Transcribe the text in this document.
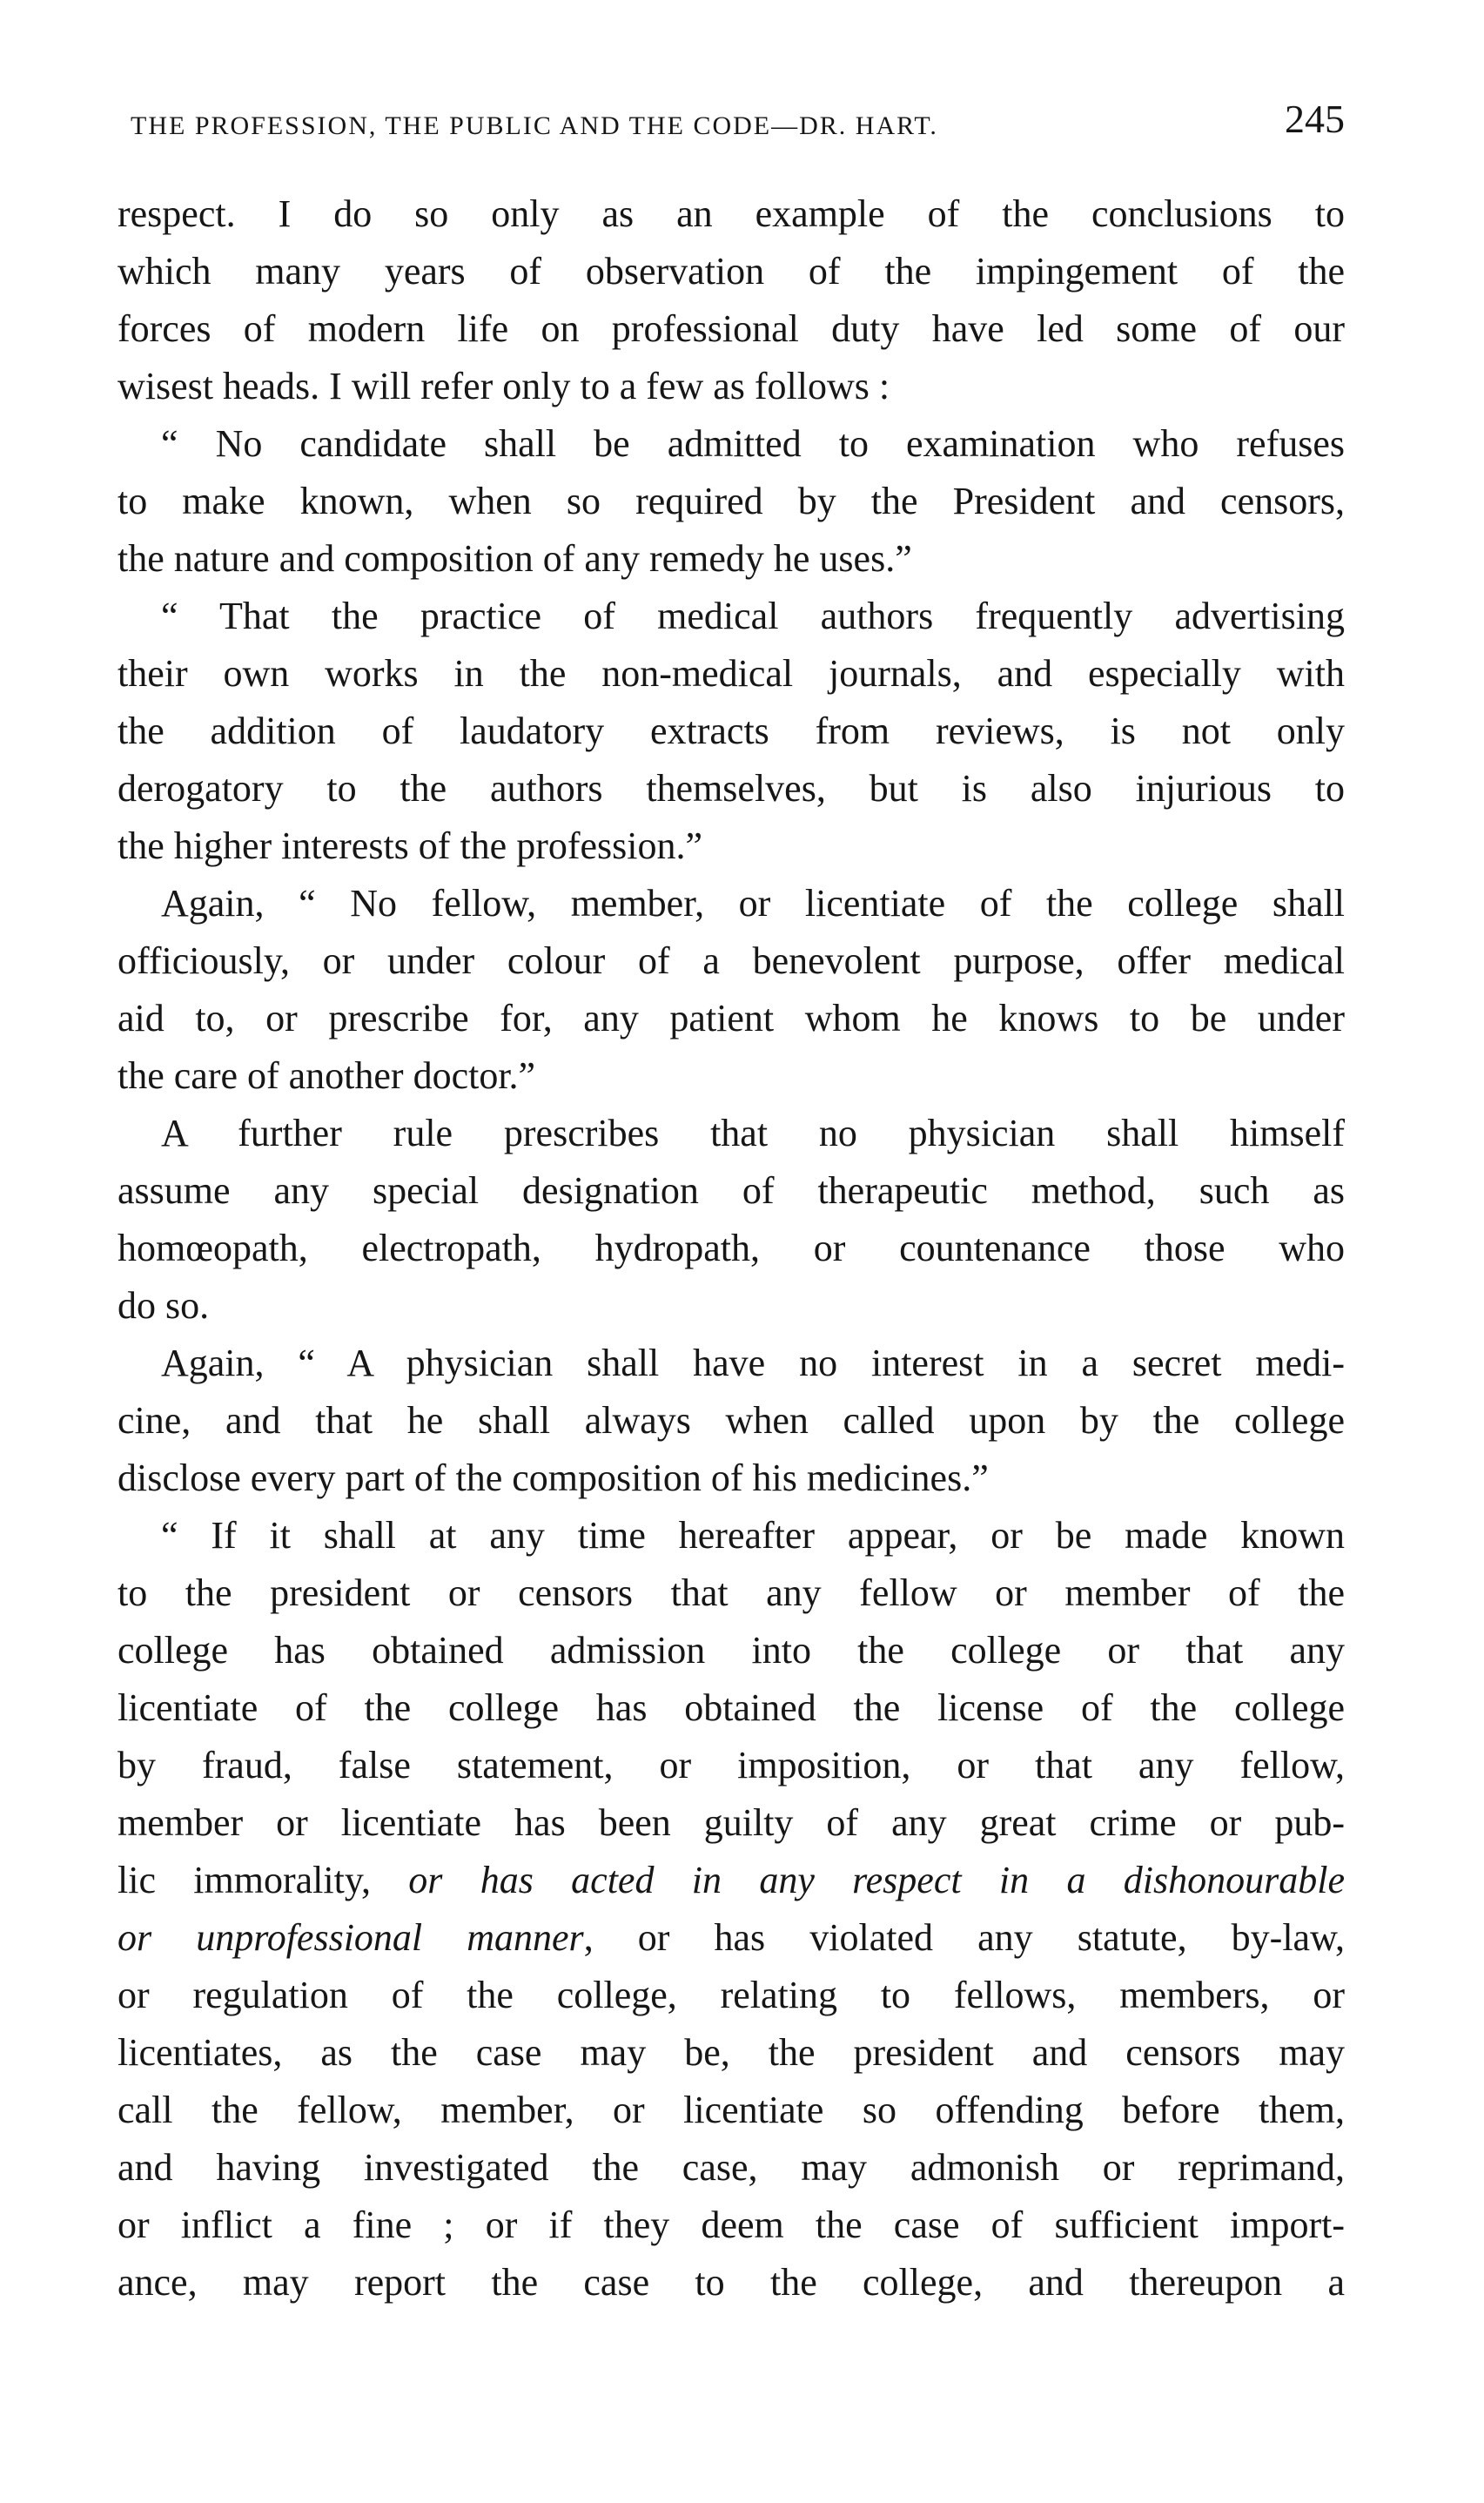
THE PROFESSION, THE PUBLIC AND THE CODE—DR. HART.	245
respect. I do so only as an example of the conclusions to
which many years of observation of the impingement of the
forces of modern life on professional duty have led some of our
wisest heads. I will refer only to a few as follows :
“ No candidate shall be admitted to examination who refuses
to make known, when so required by the President and censors,
the nature and composition of any remedy he uses.”
“ That the practice of medical authors frequently advertising
their own works in the non-medical journals, and especially with
the addition of laudatory extracts from reviews, is not only
derogatory to the authors themselves, but is also injurious to
the higher interests of the profession.”
Again, “ No fellow, member, or licentiate of the college shall
officiously, or under colour of a benevolent purpose, offer medical
aid to, or prescribe for, any patient whom he knows to be under
the care of another doctor.”
A further rule prescribes that no physician shall himself
assume any special designation of therapeutic method, such as
homœopath, electropath, hydropath, or countenance those who
do so.
Again, “ A physician shall have no interest in a secret medi-
cine, and that he shall always when called upon by the college
disclose every part of the composition of his medicines.”
“ If it shall at any time hereafter appear, or be made known
to the president or censors that any fellow or member of the
college has obtained admission into the college or that any
licentiate of the college has obtained the license of the college
by fraud, false statement, or imposition, or that any fellow,
member or licentiate has been guilty of any great crime or pub-
lic immorality, or has acted in any respect in a dishonourable
or unprofessional manner, or has violated any statute, by-law,
or regulation of the college, relating to fellows, members, or
licentiates, as the case may be, the president and censors may
call the fellow, member, or licentiate so offending before them,
and having investigated the case, may admonish or reprimand,
or inflict a fine ; or if they deem the case of sufficient import-
ance, may report the case to the college, and thereupon a
